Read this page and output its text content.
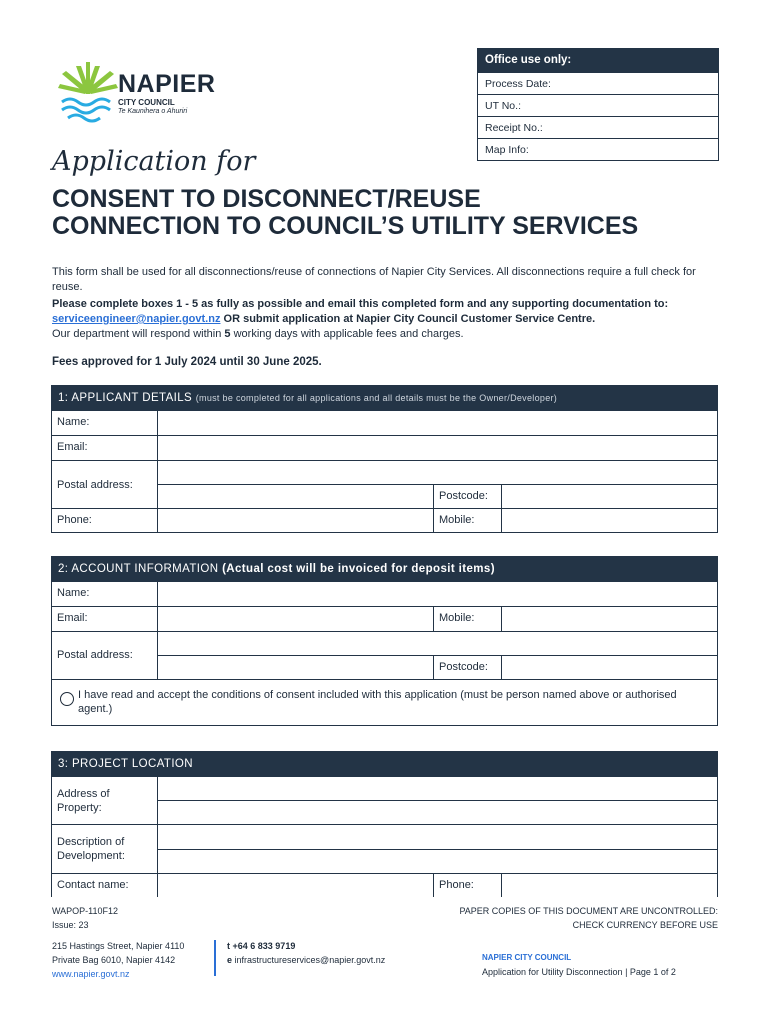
NAPIER
CITY COUNCIL
Te Kaunihera o Ahuriri
Office use only:
Process Date:
UT No.:
Receipt No.:
Map Info:
Application for
CONSENT TO DISCONNECT/REUSE
CONNECTION TO COUNCIL’S UTILITY SERVICES

This form shall be used for all disconnections/reuse of connections of Napier City Services. All disconnections require a full check for reuse.

Please complete boxes 1 - 5 as fully as possible and email this completed form and any supporting documentation to: serviceengineer@napier.govt.nz OR submit application at Napier City Council Customer Service Centre.

Our department will respond within 5 working days with applicable fees and charges.

Fees approved for 1 July 2024 until 30 June 2025.
1: APPLICANT DETAILS (must be completed for all applications and all details must be the Owner/Developer)
Name:
Email:
Postal address:
Postcode:
Phone:	Mobile:
2: ACCOUNT INFORMATION (Actual cost will be invoiced for deposit items)
Name:
Email:	Mobile:
Postal address:
Postcode:
I have read and accept the conditions of consent included with this application (must be person named above or authorised agent.)
3: PROJECT LOCATION
Address of
Property:
Description of
Development:
Contact name:	Phone:
WAPOP-110F12
Issue: 23
PAPER COPIES OF THIS DOCUMENT ARE UNCONTROLLED:
CHECK CURRENCY BEFORE USE
215 Hastings Street, Napier 4110
Private Bag 6010, Napier 4142
www.napier.govt.nz
t +64 6 833 9719
e infrastructureservices@napier.govt.nz	NAPIER CITY COUNCIL
Application for Utility Disconnection | Page 1 of 2
